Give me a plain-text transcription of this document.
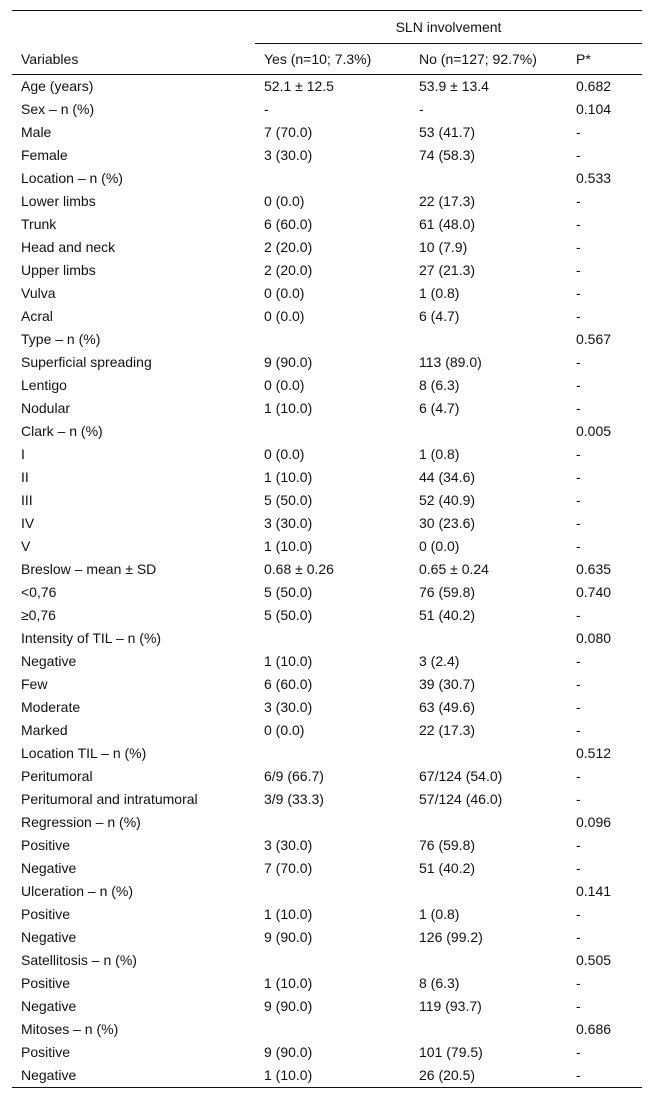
	SLN involvement		
Variables	Yes (n=10; 7.3%)	No (n=127; 92.7%)	P*
Age (years)	52.1 ± 12.5	53.9 ± 13.4	0.682
Sex – n (%)	-	-	0.104
Male	7 (70.0)	53 (41.7)	-
Female	3 (30.0)	74 (58.3)	-
Location – n (%)			0.533
Lower limbs	0 (0.0)	22 (17.3)	-
Trunk	6 (60.0)	61 (48.0)	-
Head and neck	2 (20.0)	10 (7.9)	-
Upper limbs	2 (20.0)	27 (21.3)	-
Vulva	0 (0.0)	1 (0.8)	-
Acral	0 (0.0)	6 (4.7)	-
Type – n (%)			0.567
Superficial spreading	9 (90.0)	113 (89.0)	-
Lentigo	0 (0.0)	8 (6.3)	-
Nodular	1 (10.0)	6 (4.7)	-
Clark – n (%)			0.005
I	0 (0.0)	1 (0.8)	-
II	1 (10.0)	44 (34.6)	-
III	5 (50.0)	52 (40.9)	-
IV	3 (30.0)	30 (23.6)	-
V	1 (10.0)	0 (0.0)	-
Breslow – mean ± SD	0.68 ± 0.26	0.65 ± 0.24	0.635
<0,76	5 (50.0)	76 (59.8)	0.740
≥0,76	5 (50.0)	51 (40.2)	-
Intensity of TIL – n (%)			0.080
Negative	1 (10.0)	3 (2.4)	-
Few	6 (60.0)	39 (30.7)	-
Moderate	3 (30.0)	63 (49.6)	-
Marked	0 (0.0)	22 (17.3)	-
Location TIL – n (%)			0.512
Peritumoral	6/9 (66.7)	67/124 (54.0)	-
Peritumoral and intratumoral	3/9 (33.3)	57/124 (46.0)	-
Regression – n (%)			0.096
Positive	3 (30.0)	76 (59.8)	-
Negative	7 (70.0)	51 (40.2)	-
Ulceration – n (%)			0.141
Positive	1 (10.0)	1 (0.8)	-
Negative	9 (90.0)	126 (99.2)	-
Satellitosis – n (%)			0.505
Positive	1 (10.0)	8 (6.3)	-
Negative	9 (90.0)	119 (93.7)	-
Mitoses – n (%)			0.686
Positive	9 (90.0)	101 (79.5)	-
Negative	1 (10.0)	26 (20.5)	-
